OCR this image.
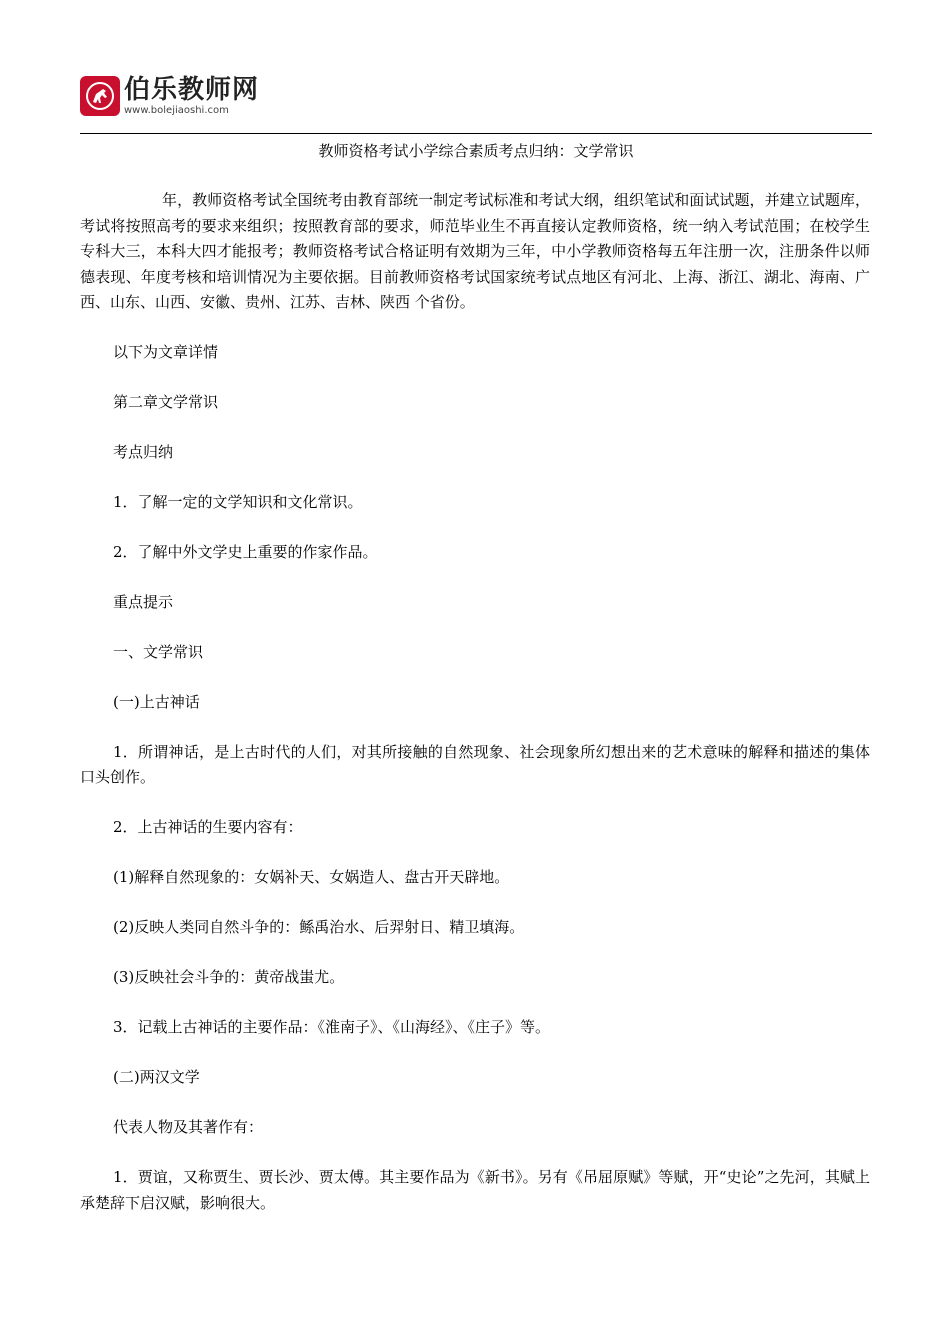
伯乐教师网
www.bolejiaoshi.com
教师资格考试小学综合素质考点归纳：文学常识

年，教师资格考试全国统考由教育部统一制定考试标准和考试大纲，组织笔试和面试试题，并建立试题库，考试将按照高考的要求来组织；按照教育部的要求，师范毕业生不再直接认定教师资格，统一纳入考试范围；在校学生专科大三，本科大四才能报考；教师资格考试合格证明有效期为三年，中小学教师资格每五年注册一次，注册条件以师德表现、年度考核和培训情况为主要依据。目前教师资格考试国家统考试点地区有河北、上海、浙江、湖北、海南、广西、山东、山西、安徽、贵州、江苏、吉林、陕西 个省份。

以下为文章详情

第二章文学常识

考点归纳

1．了解一定的文学知识和文化常识。

2．了解中外文学史上重要的作家作品。

重点提示

一、文学常识

(一)上古神话

1．所谓神话，是上古时代的人们，对其所接触的自然现象、社会现象所幻想出来的艺术意味的解释和描述的集体口头创作。

2．上古神话的生要内容有：

(1)解释自然现象的：女娲补天、女娲造人、盘古开天辟地。

(2)反映人类同自然斗争的：鲧禹治水、后羿射日、精卫填海。

(3)反映社会斗争的：黄帝战蚩尤。

3．记载上古神话的主要作品：《淮南子》、《山海经》、《庄子》等。

(二)两汉文学

代表人物及其著作有：

1．贾谊，又称贾生、贾长沙、贾太傅。其主要作品为《新书》。另有《吊屈原赋》等赋，开“史论”之先河，其赋上承楚辞下启汉赋，影响很大。
